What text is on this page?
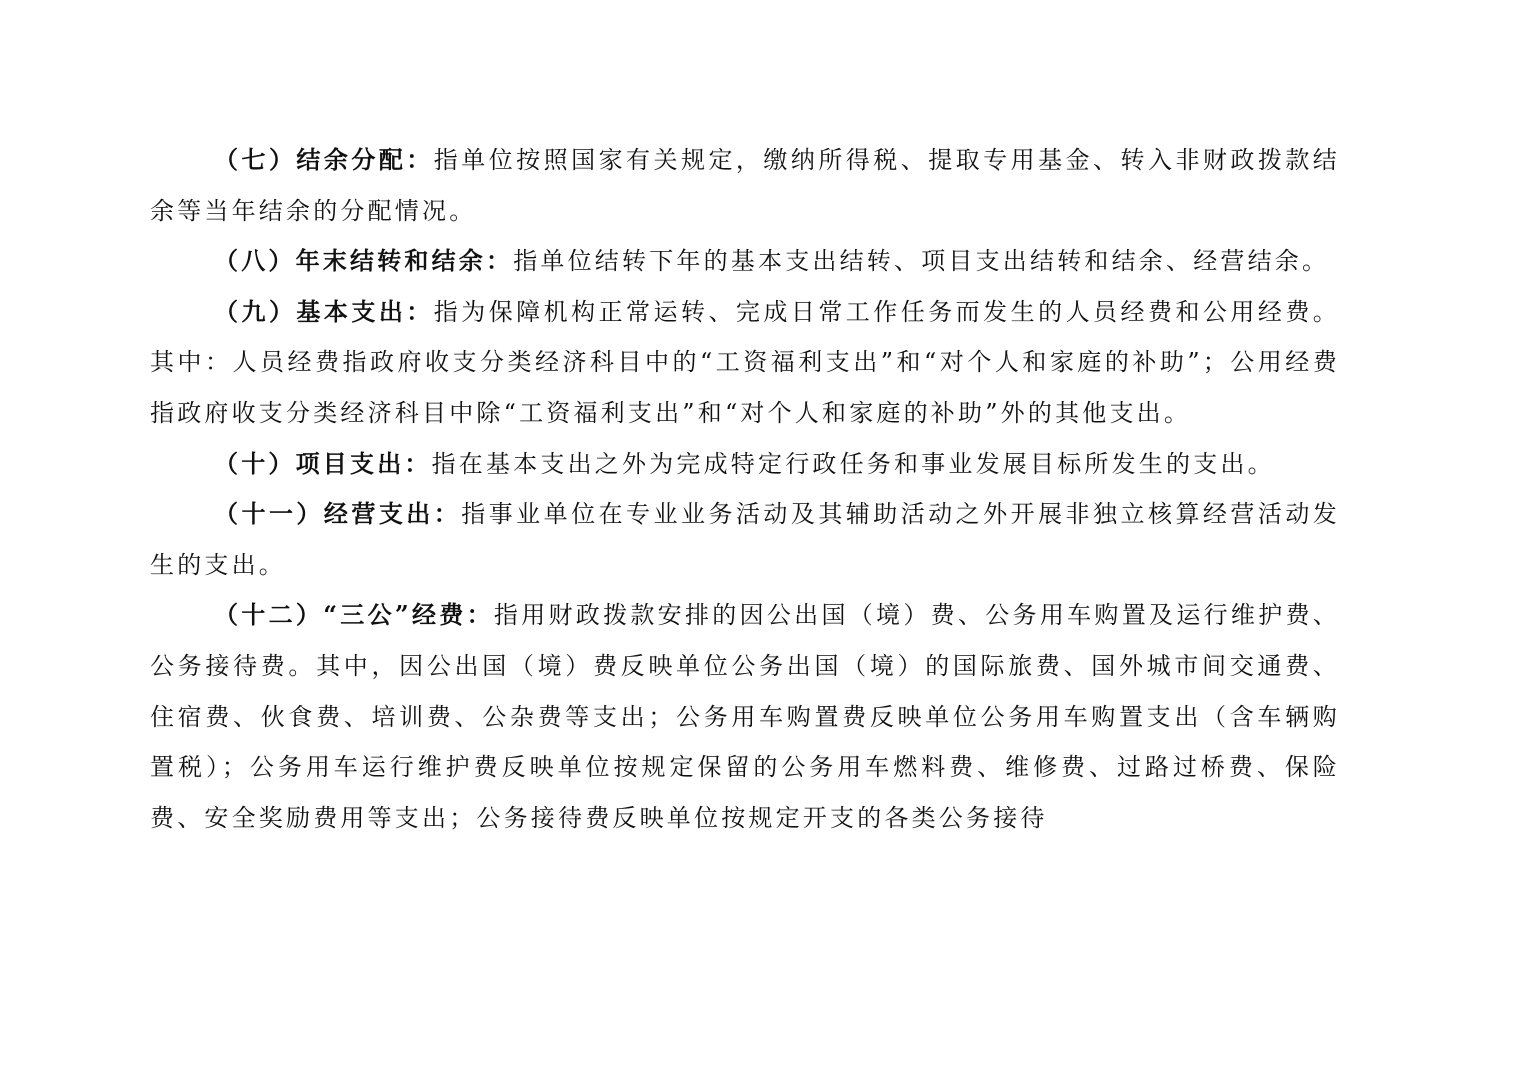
（七）结余分配：指单位按照国家有关规定，缴纳所得税、提取专用基金、转入非财政拨款结余等当年结余的分配情况。

（八）年末结转和结余：指单位结转下年的基本支出结转、项目支出结转和结余、经营结余。

（九）基本支出：指为保障机构正常运转、完成日常工作任务而发生的人员经费和公用经费。其中：人员经费指政府收支分类经济科目中的“工资福利支出”和“对个人和家庭的补助”；公用经费指政府收支分类经济科目中除“工资福利支出”和“对个人和家庭的补助”外的其他支出。

（十）项目支出：指在基本支出之外为完成特定行政任务和事业发展目标所发生的支出。

（十一）经营支出：指事业单位在专业业务活动及其辅助活动之外开展非独立核算经营活动发生的支出。

（十二）“三公”经费：指用财政拨款安排的因公出国（境）费、公务用车购置及运行维护费、公务接待费。其中，因公出国（境）费反映单位公务出国（境）的国际旅费、国外城市间交通费、住宿费、伙食费、培训费、公杂费等支出；公务用车购置费反映单位公务用车购置支出（含车辆购置税）；公务用车运行维护费反映单位按规定保留的公务用车燃料费、维修费、过路过桥费、保险费、安全奖励费用等支出；公务接待费反映单位按规定开支的各类公务接待
